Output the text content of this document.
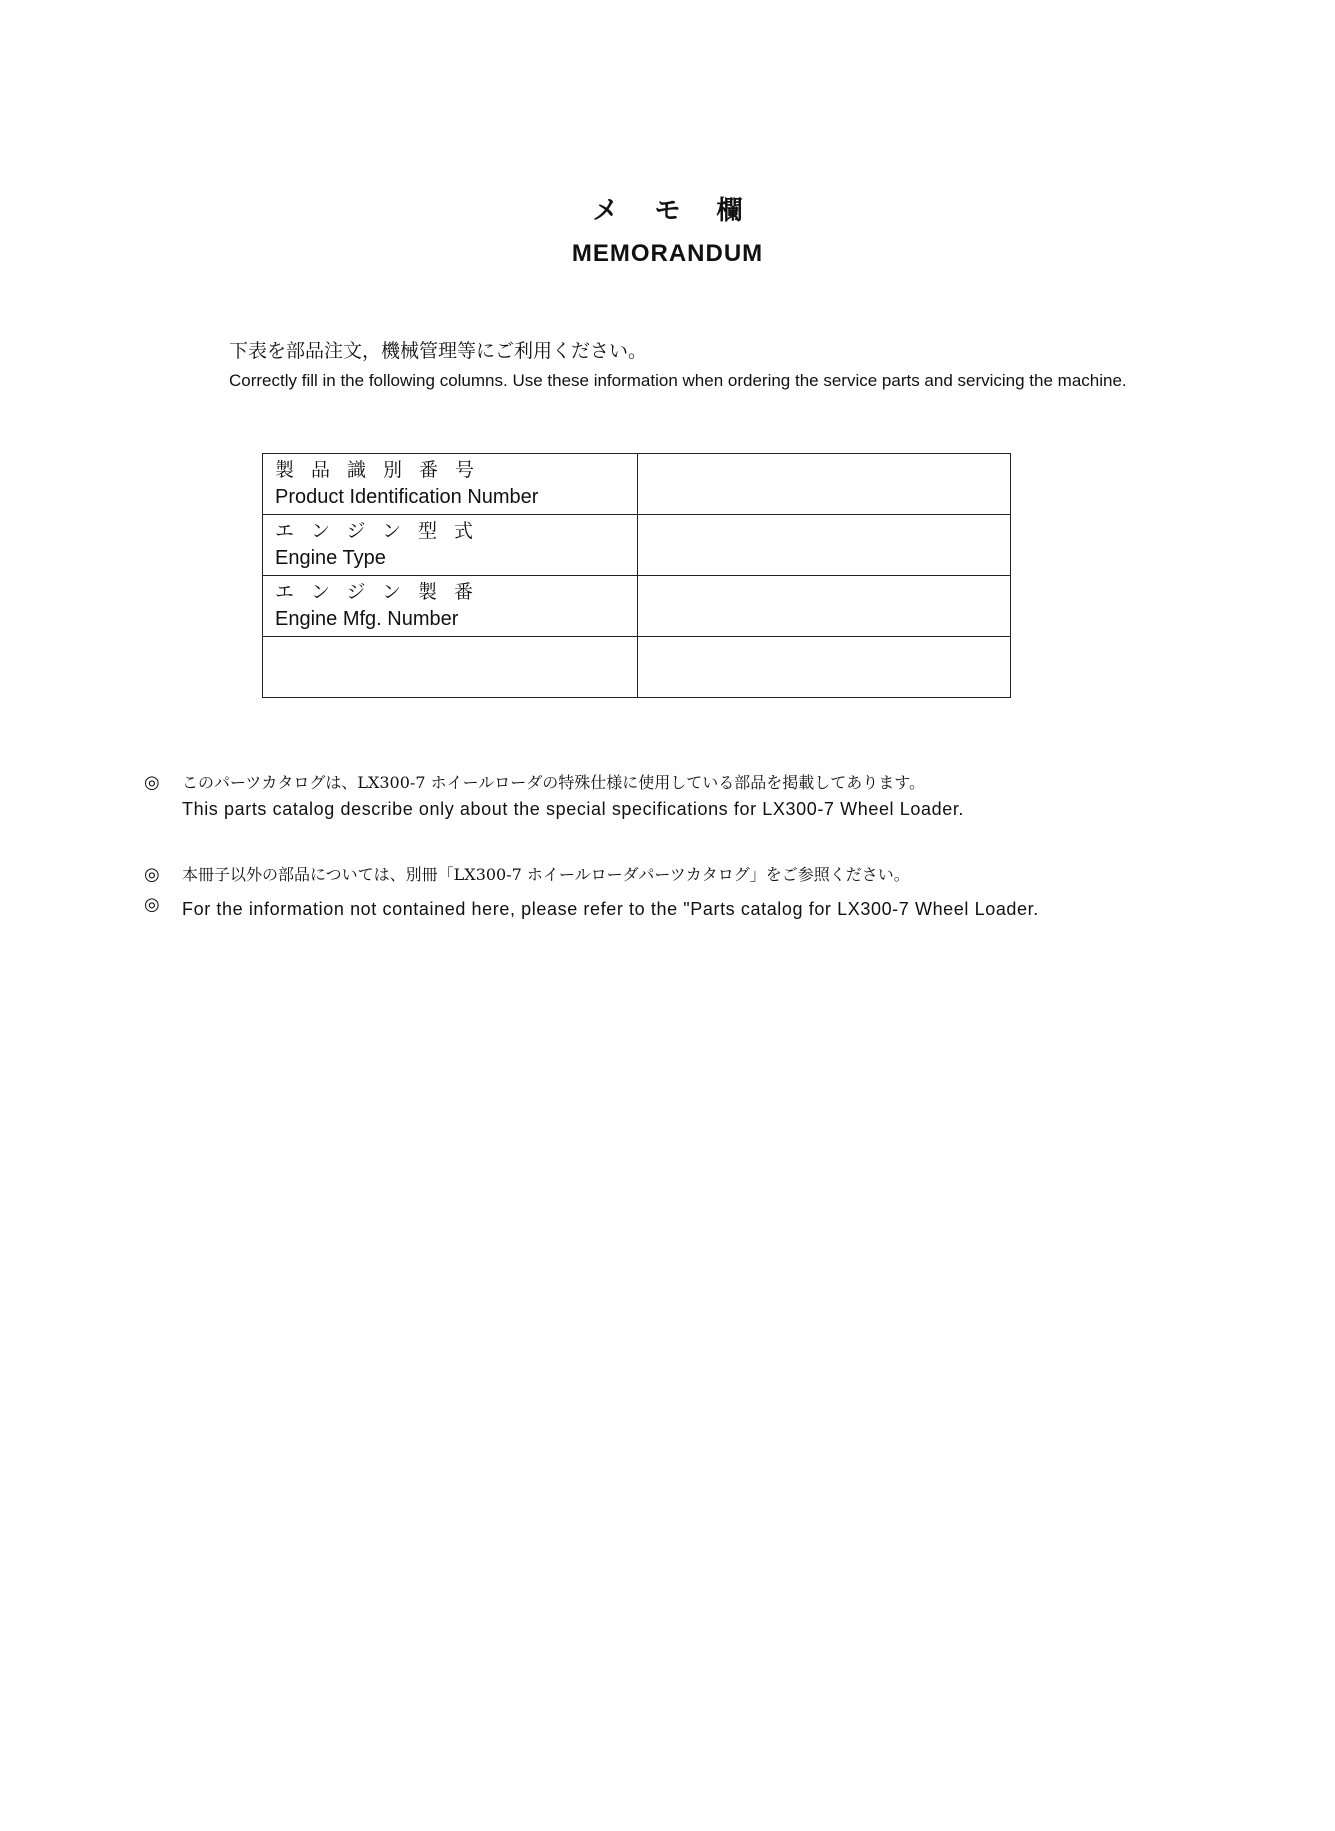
メモ欄
MEMORANDUM
下表を部品注文，機械管理等にご利用ください。
Correctly fill in the following columns. Use these information when ordering the service parts and servicing the machine.
製品識別番号
Product Identification Number	

エンジン型式
Engine Type	

エンジン製番
Engine Mfg. Number	

◎ このパーツカタログは、LX300-7 ホイールローダの特殊仕様に使用している部品を掲載してあります。
This parts catalog describe only about the special specifications for LX300-7 Wheel Loader.
◎ 本冊子以外の部品については、別冊「LX300-7 ホイールローダパーツカタログ」をご参照ください。
◎ For the information not contained here, please refer to the "Parts catalog for LX300-7 Wheel Loader.
